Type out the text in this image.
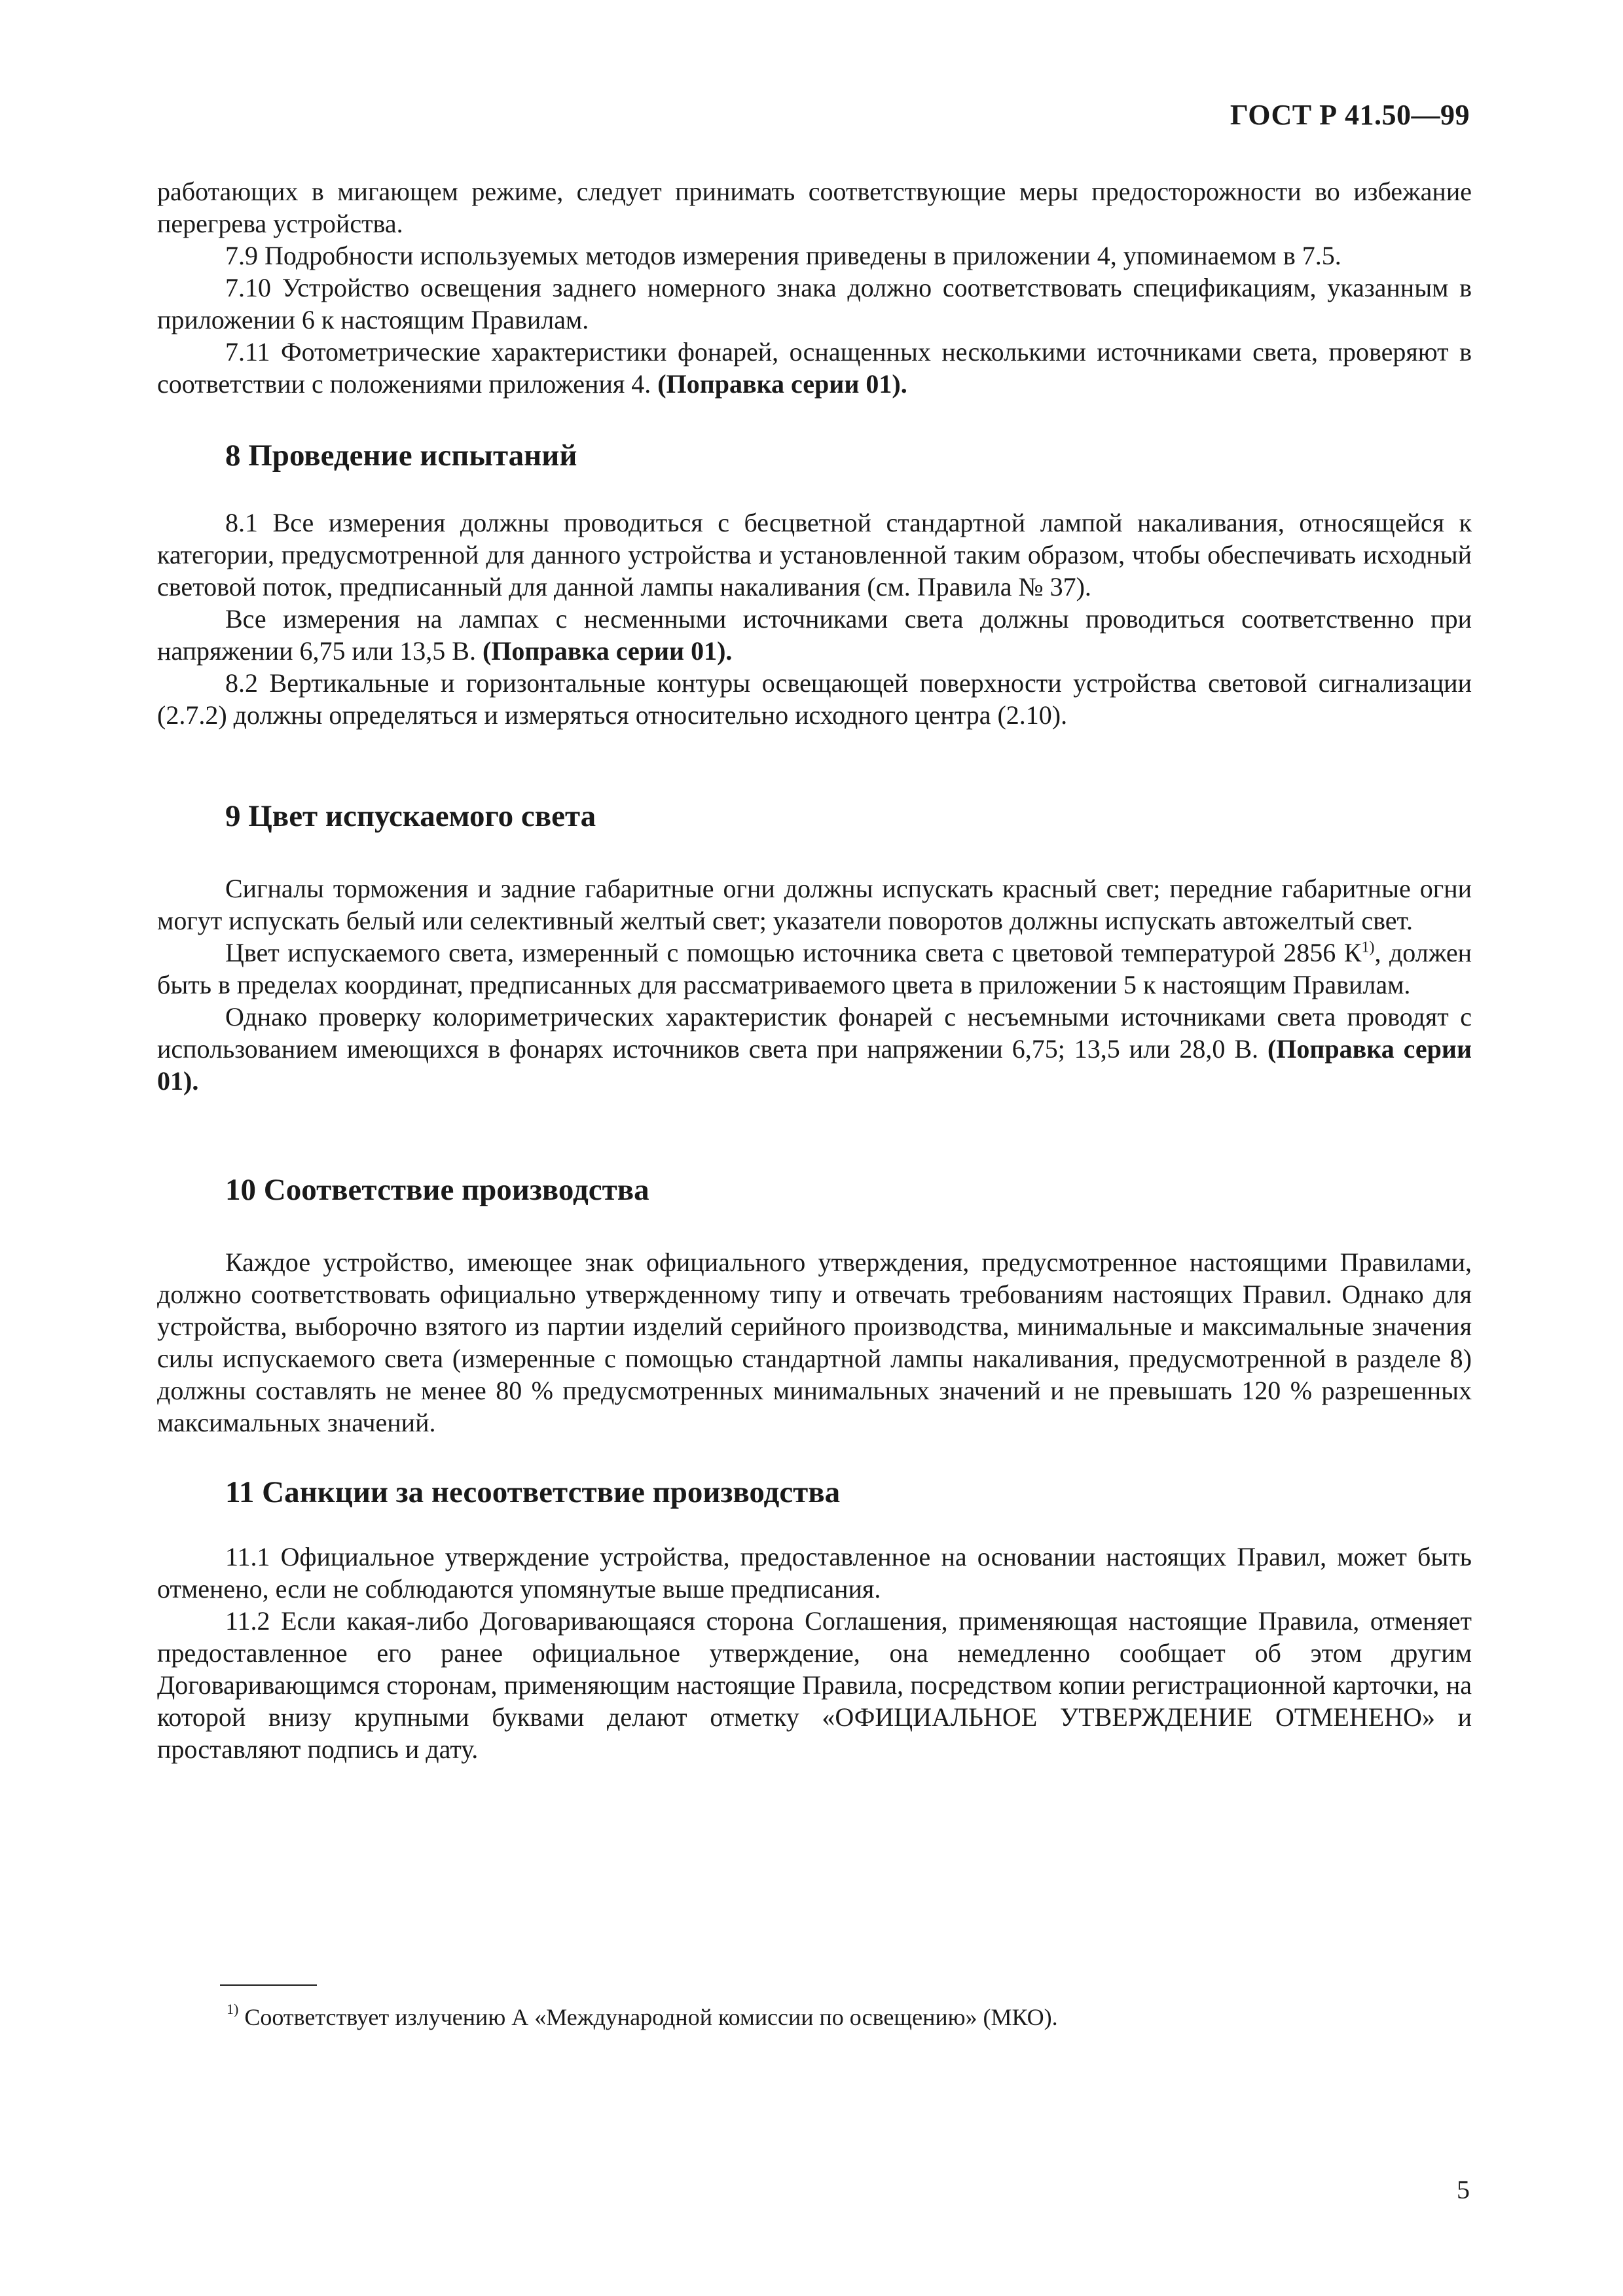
ГОСТ Р 41.50—99

работающих в мигающем режиме, следует принимать соответствующие меры предосторожности во избежание перегрева устройства.

7.9 Подробности используемых методов измерения приведены в приложении 4, упоминаемом в 7.5.

7.10 Устройство освещения заднего номерного знака должно соответствовать спецификациям, указанным в приложении 6 к настоящим Правилам.

7.11 Фотометрические характеристики фонарей, оснащенных несколькими источниками света, проверяют в соответствии с положениями приложения 4. (Поправка серии 01).

8 Проведение испытаний

8.1 Все измерения должны проводиться с бесцветной стандартной лампой накаливания, относящейся к категории, предусмотренной для данного устройства и установленной таким образом, чтобы обеспечивать исходный световой поток, предписанный для данной лампы накаливания (см. Правила № 37).

Все измерения на лампах с несменными источниками света должны проводиться соответственно при напряжении 6,75 или 13,5 В. (Поправка серии 01).

8.2 Вертикальные и горизонтальные контуры освещающей поверхности устройства световой сигнализации (2.7.2) должны определяться и измеряться относительно исходного центра (2.10).

9 Цвет испускаемого света

Сигналы торможения и задние габаритные огни должны испускать красный свет; передние габаритные огни могут испускать белый или селективный желтый свет; указатели поворотов должны испускать автожелтый свет.

Цвет испускаемого света, измеренный с помощью источника света с цветовой температурой 2856 $К^{1)}$, должен быть в пределах координат, предписанных для рассматриваемого цвета в приложении 5 к настоящим Правилам.

Однако проверку колориметрических характеристик фонарей с несъемными источниками света проводят с использованием имеющихся в фонарях источников света при напряжении 6,75; 13,5 или 28,0 В. (Поправка серии 01).

10 Соответствие производства

Каждое устройство, имеющее знак официального утверждения, предусмотренное настоящими Правилами, должно соответствовать официально утвержденному типу и отвечать требованиям настоящих Правил. Однако для устройства, выборочно взятого из партии изделий серийного производства, минимальные и максимальные значения силы испускаемого света (измеренные с помощью стандартной лампы накаливания, предусмотренной в разделе 8) должны составлять не менее 80 % предусмотренных минимальных значений и не превышать 120 % разрешенных максимальных значений.

11 Санкции за несоответствие производства

11.1 Официальное утверждение устройства, предоставленное на основании настоящих Правил, может быть отменено, если не соблюдаются упомянутые выше предписания.

11.2 Если какая-либо Договаривающаяся сторона Соглашения, применяющая настоящие Правила, отменяет предоставленное его ранее официальное утверждение, она немедленно сообщает об этом другим Договаривающимся сторонам, применяющим настоящие Правила, посредством копии регистрационной карточки, на которой внизу крупными буквами делают отметку «ОФИЦИАЛЬНОЕ УТВЕРЖДЕНИЕ ОТМЕНЕНО» и проставляют подпись и дату.

$^{1)}$ Соответствует излучению А «Международной комиссии по освещению» (МКО).
5
